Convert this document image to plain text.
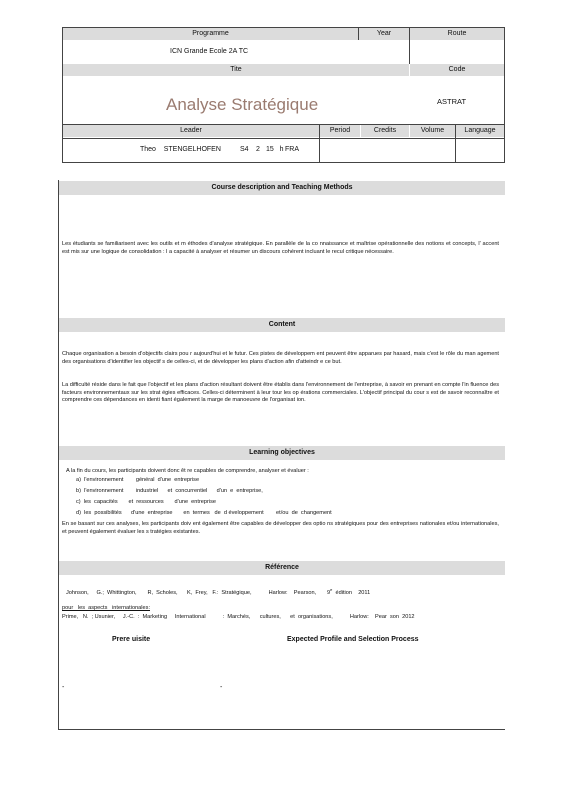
Programme	Year	Route
ICN Grande Ecole 2A TC
Tite	Code
Analyse Stratégique	ASTRAT
Leader	Period	Credits	Volume	Language
Theo    STENGELHOFEN	S4 2 15   h FRA
Course description and Teaching Methods
Les étudiants se familiarisent avec les outils et m éthodes d'analyse stratégique. En parallèle de la co nnaissance et maîtrise opérationnelle des notions et concepts, l' accent est mis sur une logique de consolidation : l a capacité à analyser et résumer un discours cohérent incluant le recul critique nécessaire.
Content
Chaque organisation a besoin d'objectifs clairs pou r aujourd'hui et le futur. Ces pistes de développem ent peuvent être apparues par hasard, mais c'est le rôle du man agement des organisations d'identifier les objectif s de celles-ci, et de développer les plans d'action afin d'atteindr e ce but.
La difficulté réside dans le fait que l'objectif et les plans d'action résultant doivent être établis dans l'environnement de l'entreprise, à savoir en prenant en compte l'in fluence des facteurs environnementaux sur les strat égies efficaces. Celles-ci déterminent à leur tour les op érations commerciales. L'objectif principal du cour s est de savoir reconnaître et comprendre ces dépendances en identi fiant également la marge de manoeuvre de l'organisat ion.
Learning objectives
A la fin du cours, les participants doivent donc êt re capables de comprendre, analyser et évaluer :
a)  l'environnement        général  d'une  entreprise
b)  l'environnement        industriel      et  concurrentiel      d'un  e  entreprise,
c)  les  capacités       et  ressources       d'une  entreprise
d)  les  possibilités      d'une  entreprise       en  termes   de  d éveloppement        et/ou  de  changement
En se basant sur ces analyses, les participants doiv ent également être capables de développer des optio ns stratégiques pour des entreprises nationales et/ou internationales, et peuvent également évaluer les s tratégies existantes.
Référence
Johnson,     G.;  Whittington,       R,  Scholes,      K,  Frey,   F.:  Stratégique,           Harlow:    Pearson,       9e  édition    2011
pour   les  aspects   internationales:
Prime,   N.  ; Usunier,     J.-C.  :  Marketing     International           :  Marchés,      cultures,      et  organisations,           Harlow:    Pear  son  2012
Prere uisite	Expected Profile and Selection Process
-	-
